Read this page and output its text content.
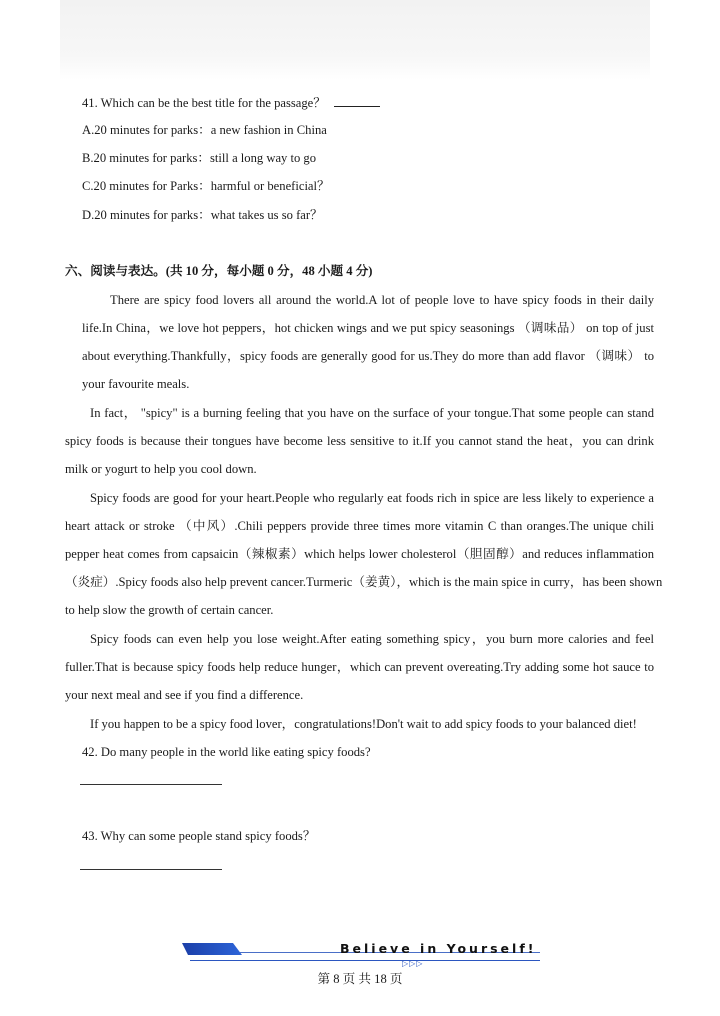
41. Which can be the best title for the passage？
A.20 minutes for parks：a new fashion in China
B.20 minutes for parks：still a long way to go
C.20 minutes for Parks：harmful or beneficial？
D.20 minutes for parks：what takes us so far？
六、阅读与表达。(共 10 分，每小题 0 分，48 小题 4 分)
There are spicy food lovers all around the world.A lot of people love to have spicy foods in their daily
life.In China，we love hot peppers，hot chicken wings and we put spicy seasonings （调味品） on top of just
about everything.Thankfully，spicy foods are generally good for us.They do more than add flavor （调味） to
your favourite meals.
In fact， "spicy" is a burning feeling that you have on the surface of your tongue.That some people can stand
spicy foods is because their tongues have become less sensitive to it.If you cannot stand the heat，you can drink
milk or yogurt to help you cool down.
Spicy foods are good for your heart.People who regularly eat foods rich in spice are less likely to experience a
heart attack or stroke （中风）.Chili peppers provide three times more vitamin C than oranges.The unique chili
pepper heat comes from capsaicin（辣椒素）which helps lower cholesterol（胆固醇）and reduces inflammation
（炎症）.Spicy foods also help prevent cancer.Turmeric（姜黄），which is the main spice in curry，has been shown
to help slow the growth of certain cancer.
Spicy foods can even help you lose weight.After eating something spicy，you burn more calories and feel
fuller.That is because spicy foods help reduce hunger，which can prevent overeating.Try adding some hot sauce to
your next meal and see if you find a difference.
If you happen to be a spicy food lover，congratulations!Don't wait to add spicy foods to your balanced diet!
42. Do many people in the world like eating spicy foods?
43. Why can some people stand spicy foods？
Believe in Yourself!
▷▷▷
第 8 页 共 18 页
